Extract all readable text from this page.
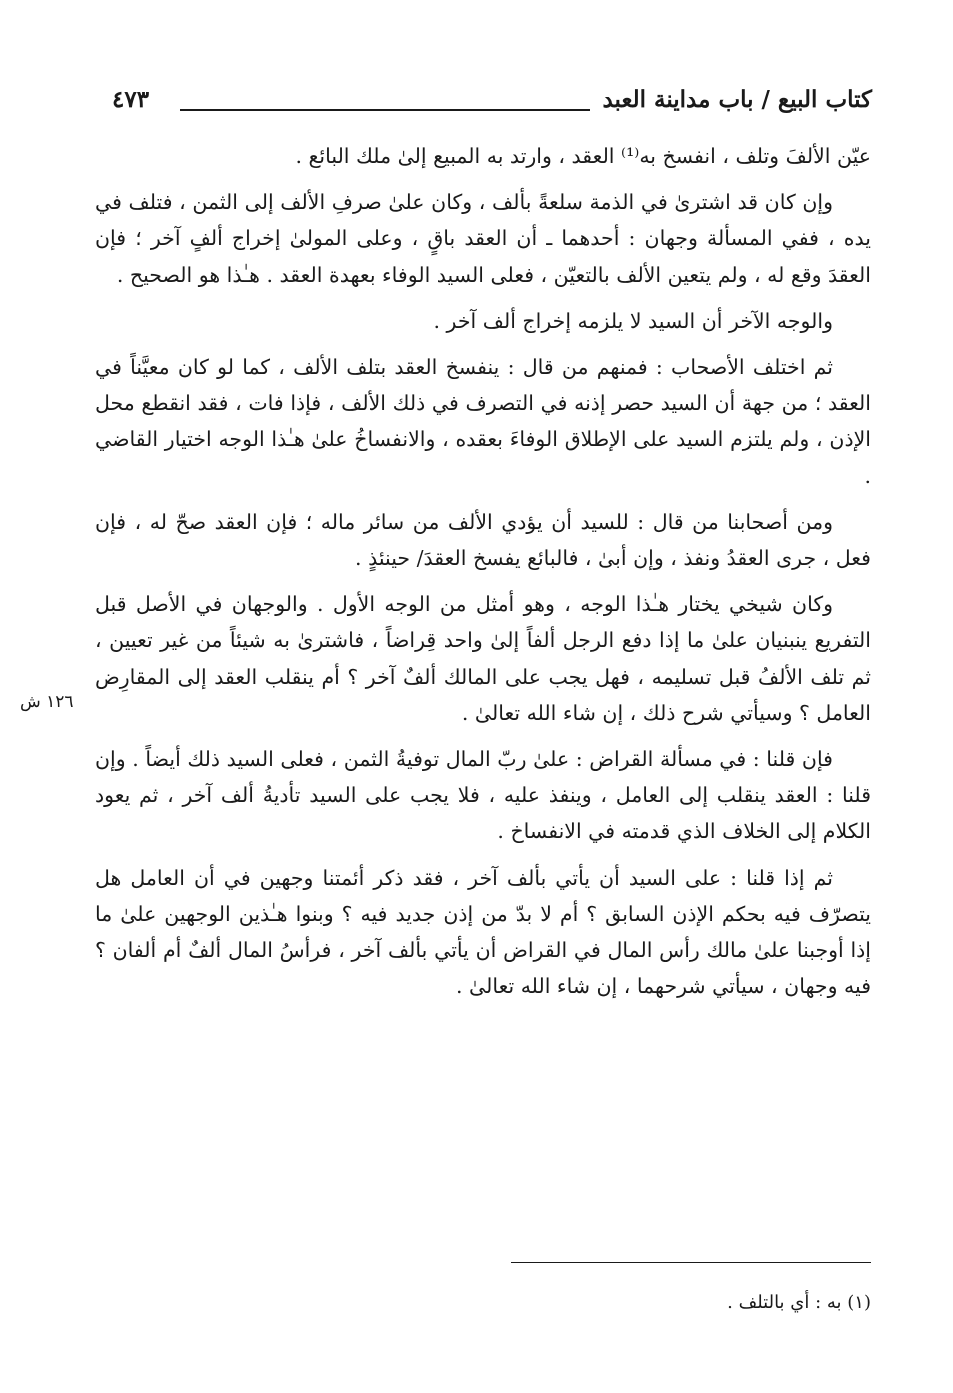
كتاب البيع / باب مداينة العبد
٤٧٣

عيّن الألفَ وتلف ، انفسخ به⁽¹⁾ العقد ، وارتد به المبيع إلىٰ ملك البائع .

وإن كان قد اشترىٰ في الذمة سلعةً بألف ، وكان علىٰ صرفِ الألف إلى الثمن ، فتلف في يده ، ففي المسألة وجهان : أحدهما ـ أن العقد باقٍ ، وعلى المولىٰ إخراج ألفٍ آخر ؛ فإن العقدَ وقع له ، ولم يتعين الألف بالتعيّن ، فعلى السيد الوفاء بعهدة العقد . هـٰذا هو الصحيح .

والوجه الآخر أن السيد لا يلزمه إخراج ألف آخر .

ثم اختلف الأصحاب : فمنهم من قال : ينفسخ العقد بتلف الألف ، كما لو كان معيَّناً في العقد ؛ من جهة أن السيد حصر إذنه في التصرف في ذلك الألف ، فإذا فات ، فقد انقطع محل الإذن ، ولم يلتزم السيد على الإطلاق الوفاءَ بعقده ، والانفساخُ علىٰ هـٰذا الوجه اختيار القاضي .

ومن أصحابنا من قال : للسيد أن يؤدي الألف من سائر ماله ؛ فإن العقد صحّ له ، فإن فعل ، جرى العقدُ ونفذ ، وإن أبىٰ ، فالبائع يفسخ العقدَ/ حينئذٍ .

وكان شيخي يختار هـٰذا الوجه ، وهو أمثل من الوجه الأول . والوجهان في الأصل قبل التفريع ينبنيان علىٰ ما إذا دفع الرجل ألفاً إلىٰ واحد قِراضاً ، فاشترىٰ به شيئاً من غير تعيين ، ثم تلف الألفُ قبل تسليمه ، فهل يجب على المالك ألفٌ آخر ؟ أم ينقلب العقد إلى المقارِض العامل ؟ وسيأتي شرح ذلك ، إن شاء الله تعالىٰ .

فإن قلنا : في مسألة القراض : علىٰ ربّ المال توفيةُ الثمن ، فعلى السيد ذلك أيضاً . وإن قلنا : العقد ينقلب إلى العامل ، وينفذ عليه ، فلا يجب على السيد تأديةُ ألف آخر ، ثم يعود الكلام إلى الخلاف الذي قدمته في الانفساخ .

ثم إذا قلنا : على السيد أن يأتي بألف آخر ، فقد ذكر أئمتنا وجهين في أن العامل هل يتصرّف فيه بحكم الإذن السابق ؟ أم لا بدّ من إذن جديد فيه ؟ وبنوا هـٰذين الوجهين علىٰ ما إذا أوجبنا علىٰ مالك رأس المال في القراض أن يأتي بألف آخر ، فرأسُ المال ألفٌ أم ألفان ؟ فيه وجهان ، سيأتي شرحهما ، إن شاء الله تعالىٰ .

١٢٦ ش
(١) به : أي بالتلف .
